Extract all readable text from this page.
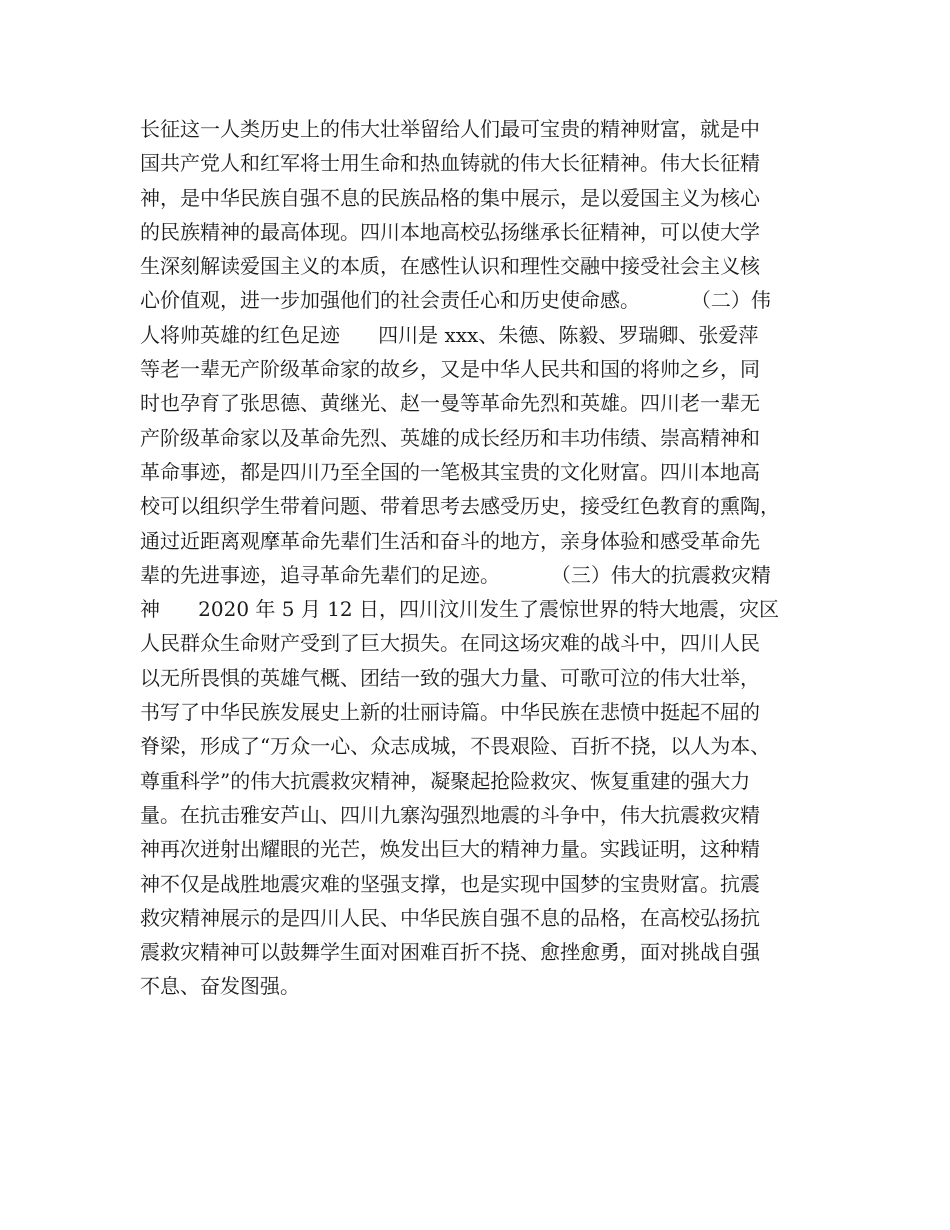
长征这一人类历史上的伟大壮举留给人们最可宝贵的精神财富，就是中
国共产党人和红军将士用生命和热血铸就的伟大长征精神。伟大长征精
神，是中华民族自强不息的民族品格的集中展示，是以爱国主义为核心
的民族精神的最高体现。四川本地高校弘扬继承长征精神，可以使大学
生深刻解读爱国主义的本质，在感性认识和理性交融中接受社会主义核
心价值观，进一步加强他们的社会责任心和历史使命感。        （二）伟
人将帅英雄的红色足迹      四川是 xxx、朱德、陈毅、罗瑞卿、张爱萍
等老一辈无产阶级革命家的故乡，又是中华人民共和国的将帅之乡，同
时也孕育了张思德、黄继光、赵一曼等革命先烈和英雄。四川老一辈无
产阶级革命家以及革命先烈、英雄的成长经历和丰功伟绩、崇高精神和
革命事迹，都是四川乃至全国的一笔极其宝贵的文化财富。四川本地高
校可以组织学生带着问题、带着思考去感受历史，接受红色教育的熏陶，
通过近距离观摩革命先辈们生活和奋斗的地方，亲身体验和感受革命先
辈的先进事迹，追寻革命先辈们的足迹。        （三）伟大的抗震救灾精
神      2020 年 5 月 12 日，四川汶川发生了震惊世界的特大地震，灾区
人民群众生命财产受到了巨大损失。在同这场灾难的战斗中，四川人民
以无所畏惧的英雄气概、团结一致的强大力量、可歌可泣的伟大壮举，
书写了中华民族发展史上新的壮丽诗篇。中华民族在悲愤中挺起不屈的
脊梁，形成了“万众一心、众志成城，不畏艰险、百折不挠，以人为本、
尊重科学”的伟大抗震救灾精神，凝聚起抢险救灾、恢复重建的强大力
量。在抗击雅安芦山、四川九寨沟强烈地震的斗争中，伟大抗震救灾精
神再次迸射出耀眼的光芒，焕发出巨大的精神力量。实践证明，这种精
神不仅是战胜地震灾难的坚强支撑，也是实现中国梦的宝贵财富。抗震
救灾精神展示的是四川人民、中华民族自强不息的品格，在高校弘扬抗
震救灾精神可以鼓舞学生面对困难百折不挠、愈挫愈勇，面对挑战自强
不息、奋发图强。
